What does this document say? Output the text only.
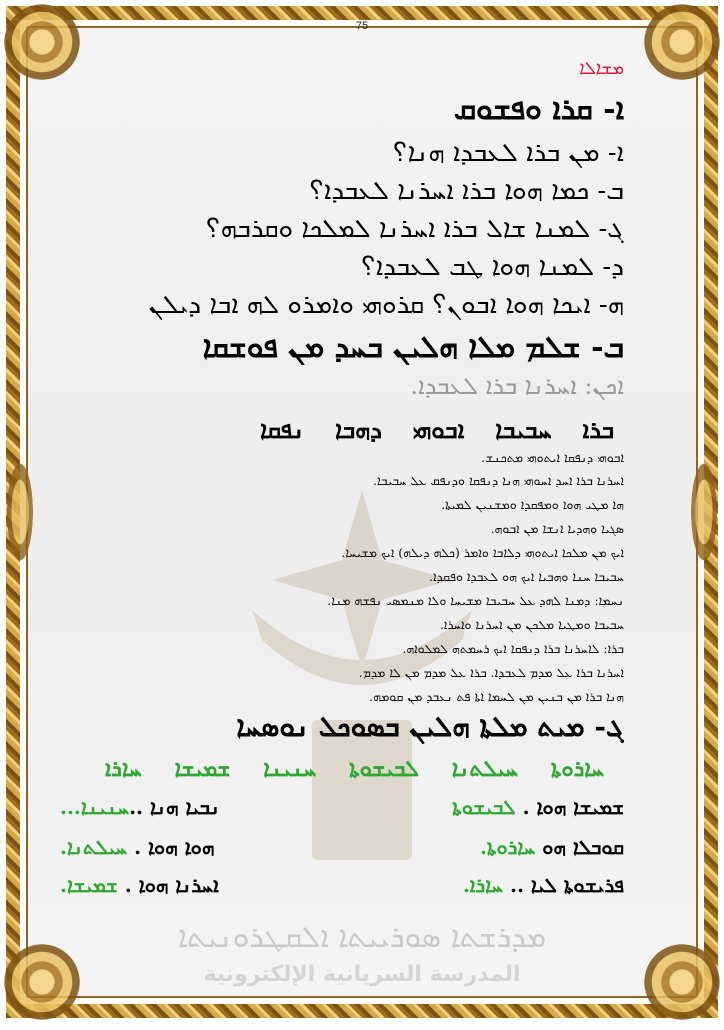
ܡܕܪܫܬܐ ܣܘܪܝܝܬܐ ܐܠܩܛܪܘܢܝܬܐ
المدرسة السريانية الإلكترونية
75
ܡܫܐܠܐ
ܐ- ܩܪܐ ܘܦܫܘܩ
ܐ- ܡܢ ܒܪܐ ܠܥܒܕܐ ܗܢܐ؟
ܒ- ܟܡܐ ܗܘܐ ܒܪܐ ܐܚܪܢܐ ܠܥܒܕܐ؟
ܓ- ܠܡܢܐ ܫܐܠ ܒܪܐ ܐܚܪܢܐ ܠܡܠܟܐ ܘܩܪܒܗ؟
ܕ- ܠܡܢܐ ܗܘܐ ܛܒ ܠܥܒܕܐ؟
ܗ- ܐܝܟܐ ܗܘܐ ܐܒܘܢ؟ ܩܪܘܗܝ ܘܐܡܪܘ ܠܗ ܐܒܐ ܕܝܠܢ
ܒ- ܫܠܡ ܡܠܐ ܗܠܝܢ ܒܚܕ ܡܢ ܦܘܫܩܐ
ܐܟܢ: ܐܚܪܢܐ ܒܪܐ ܠܥܒܕܐ.
ܒܪܐ
ܚܒܝܒܐ
ܐܒܘܗܝ
ܕܗܒܐ
ܢܦܩܐ
ܐܒܘܗܝ ܕܢܦܩܐ ܐܝܬܘܗܝ ܡܬܟܢܫ.
ܐܚܪܢܐ ܒܪܐ ܐܚܕ ܐܚܘܗܝ ܗܢܐ ܕܢܦܩܐ ܘܕܢܦܩ ܥܠ ܚܒܝܒܐ.
ܗܐ ܡܛܝ ܗܘܐ ܘܡܦܩܕܐ ܘܡܫܢܝܢ ܠܡܝܬܐ.
ܣܓܝܐ ܘܗܕܝܐ ܐܢܫܐ ܡܢ ܐܒܘܗ.
ܐܝܟ ܡܢ ܡܠܟܐ ܐܝܬܘܗܝ ܕܠܐܒܐ ܘܐܡܪ (ܟܠܗ ܕܝܠܗ) ܐܝܟ ܡܫܝܚܐ.
ܚܒܝܒܐ ܚܢܐ ܘܗܒܝܐ ܐܝܟ ܗܘ ܠܥܒܕܐ ܘܦܩܕܐ.
ܢܚܡܐ: ܕܡܢܐ ܠܗܕ ܥܠ ܚܒܝܒܐ ܡܫܝܚܐ ܘܠܐ ܡܢܡܣܝ ܢܦܫܗ ܡܢܐ.
ܚܒܝܒܐ ܘܡܛܝܐ ܡܠܟܢ ܡܢ ܐܚܪܢܐ ܘܐܚܪܐ.
ܒܪܐ: ܠܐܚܪܢܐ ܒܪܐ ܕܢܦܩܐ ܐܝܟ ܪܚܡܬܗ ܠܡܠܘܐܗ.
ܐܚܪܢܐ ܒܪܐ ܥܠ ܡܕܡ ܠܥܒܕܐ. ܒܪܐ ܥܠ ܡܕܡ ܡܢ ܠܐ ܡܕܡ.
ܗܢܐ ܒܪܐ ܡܢ ܒܢܝܢ ܡܢ ܠܚܡܐ ܐܬܐ ܦܬ ܢܥܒܕ ܡܢ ܩܘܡܗ.
ܓ- ܡܝܬ ܡܠܬܐ ܗܠܝܢ ܒܣܘܟܠ ܢܘܣܚܐ
ܚܐܪܘܬܐ
ܚܝܠܬܢܐ
ܠܒܝܫܘܬܐ
ܚܢܝܢܐ
ܫܡܝܫܐ
ܚܐܪܐ
ܫܡܝܫܐ ܗܘܐ . ܠܒܝܫܘܬܐ
ܢܒܝܐ ܗܢܐ ..ܚܢܝܢܐ...
ܩܘܒܠܐ ܗܘ ܚܐܪܘܬܐ.
ܗܘܐ ܗܘܐ . ܚܝܠܬܢܐ.
ܦܪܝܫܘܬܐ ܠܝܐ .. ܚܐܪܐ.
ܐܚܪܢܐ ܗܘܐ . ܫܡܝܫܐ.
